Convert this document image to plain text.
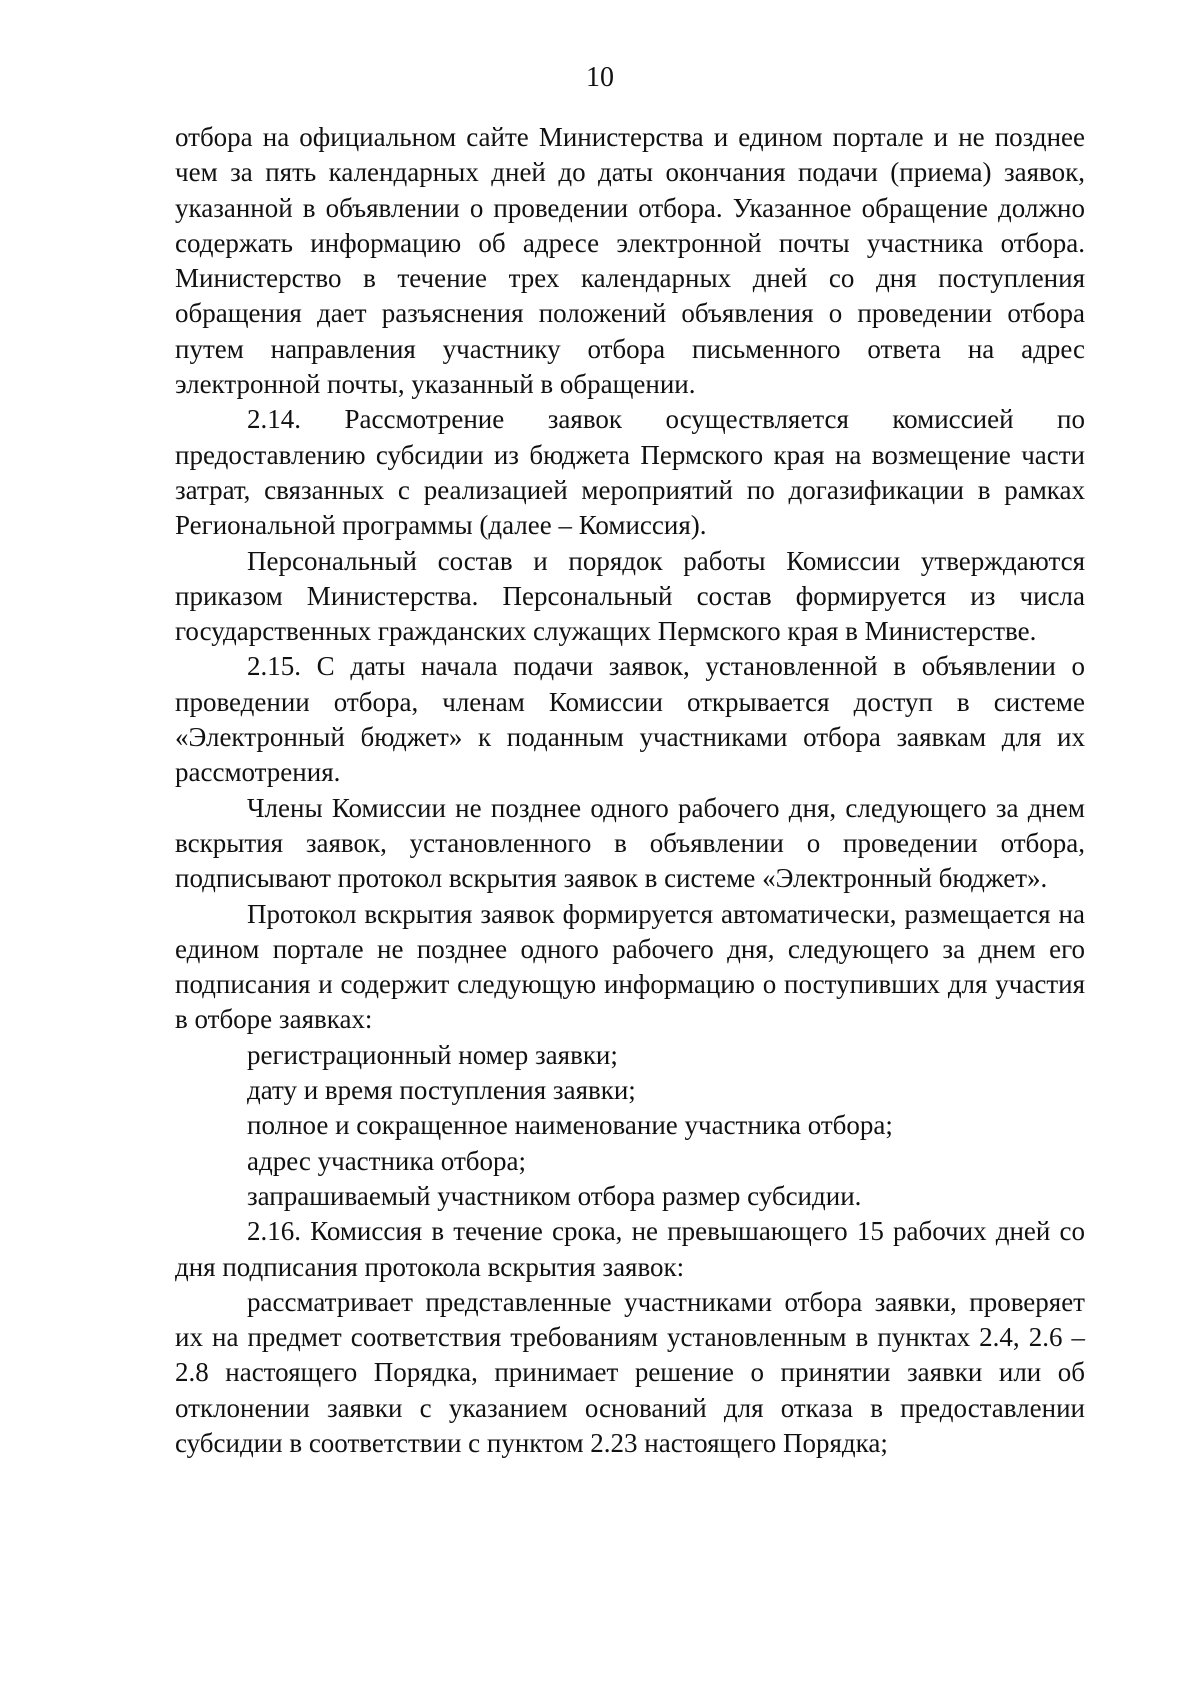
10

отбора на официальном сайте Министерства и едином портале и не позднее чем за пять календарных дней до даты окончания подачи (приема) заявок, указанной в объявлении о проведении отбора. Указанное обращение должно содержать информацию об адресе электронной почты участника отбора. Министерство в течение трех календарных дней со дня поступления обращения дает разъяснения положений объявления о проведении отбора путем направления участнику отбора письменного ответа на адрес электронной почты, указанный в обращении.

2.14. Рассмотрение заявок осуществляется комиссией по предоставлению субсидии из бюджета Пермского края на возмещение части затрат, связанных с реализацией мероприятий по догазификации в рамках Региональной программы (далее – Комиссия).

Персональный состав и порядок работы Комиссии утверждаются приказом Министерства. Персональный состав формируется из числа государственных гражданских служащих Пермского края в Министерстве.

2.15. С даты начала подачи заявок, установленной в объявлении о проведении отбора, членам Комиссии открывается доступ в системе «Электронный бюджет» к поданным участниками отбора заявкам для их рассмотрения.

Члены Комиссии не позднее одного рабочего дня, следующего за днем вскрытия заявок, установленного в объявлении о проведении отбора, подписывают протокол вскрытия заявок в системе «Электронный бюджет».

Протокол вскрытия заявок формируется автоматически, размещается на едином портале не позднее одного рабочего дня, следующего за днем его подписания и содержит следующую информацию о поступивших для участия в отборе заявках:

регистрационный номер заявки;

дату и время поступления заявки;

полное и сокращенное наименование участника отбора;

адрес участника отбора;

запрашиваемый участником отбора размер субсидии.

2.16. Комиссия в течение срока, не превышающего 15 рабочих дней со дня подписания протокола вскрытия заявок:

рассматривает представленные участниками отбора заявки, проверяет их на предмет соответствия требованиям установленным в пунктах 2.4, 2.6 – 2.8 настоящего Порядка, принимает решение о принятии заявки или об отклонении заявки с указанием оснований для отказа в предоставлении субсидии в соответствии с пунктом 2.23 настоящего Порядка;
